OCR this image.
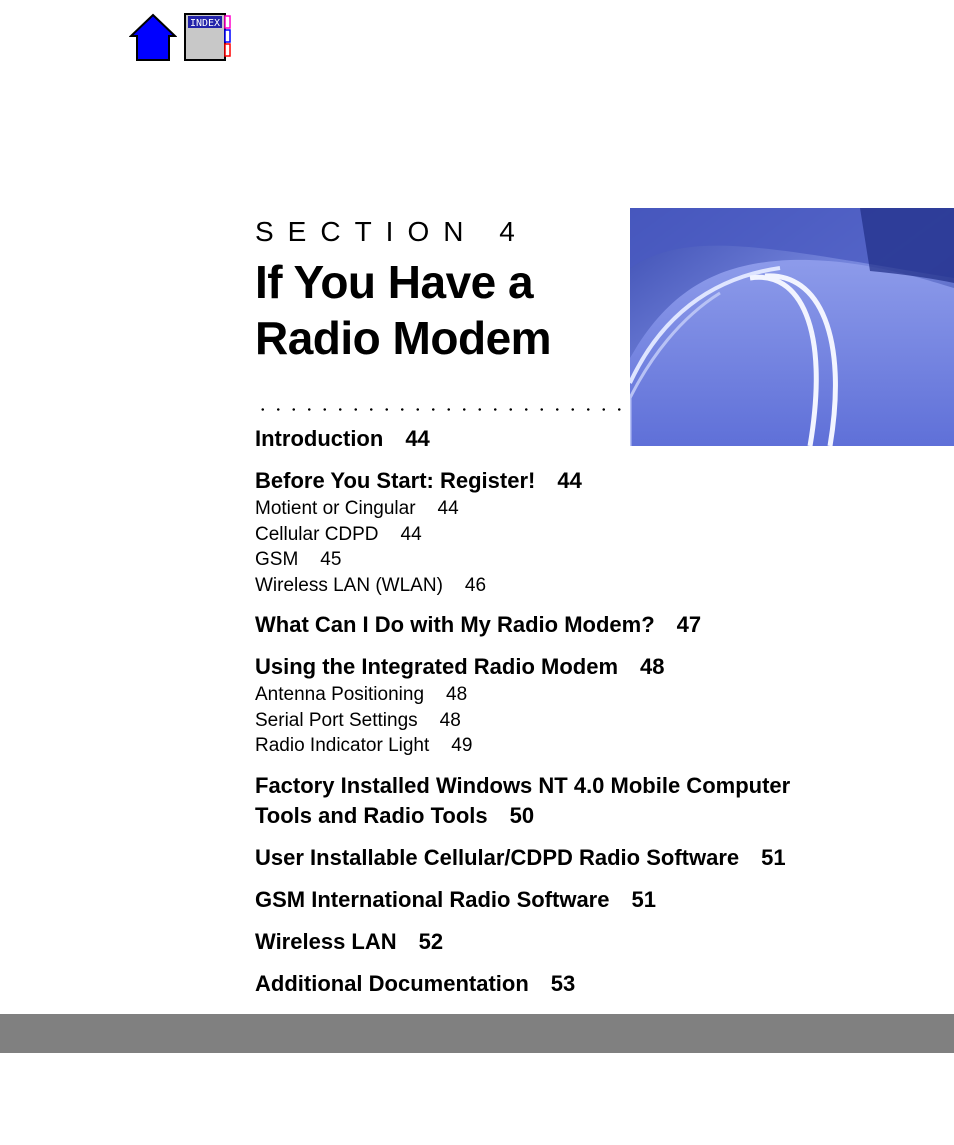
INDEX
SECTION 4
If You Have a
Radio Modem

Introduction 44

Before You Start: Register! 44

Motient or Cingular 44

Cellular CDPD 44

GSM 45

Wireless LAN (WLAN) 46

What Can I Do with My Radio Modem? 47

Using the Integrated Radio Modem 48

Antenna Positioning 48

Serial Port Settings 48

Radio Indicator Light 49

Factory Installed Windows NT 4.0 Mobile Computer Tools and Radio Tools 50

User Installable Cellular/CDPD Radio Software 51

GSM International Radio Software 51

Wireless LAN 52

Additional Documentation 53
